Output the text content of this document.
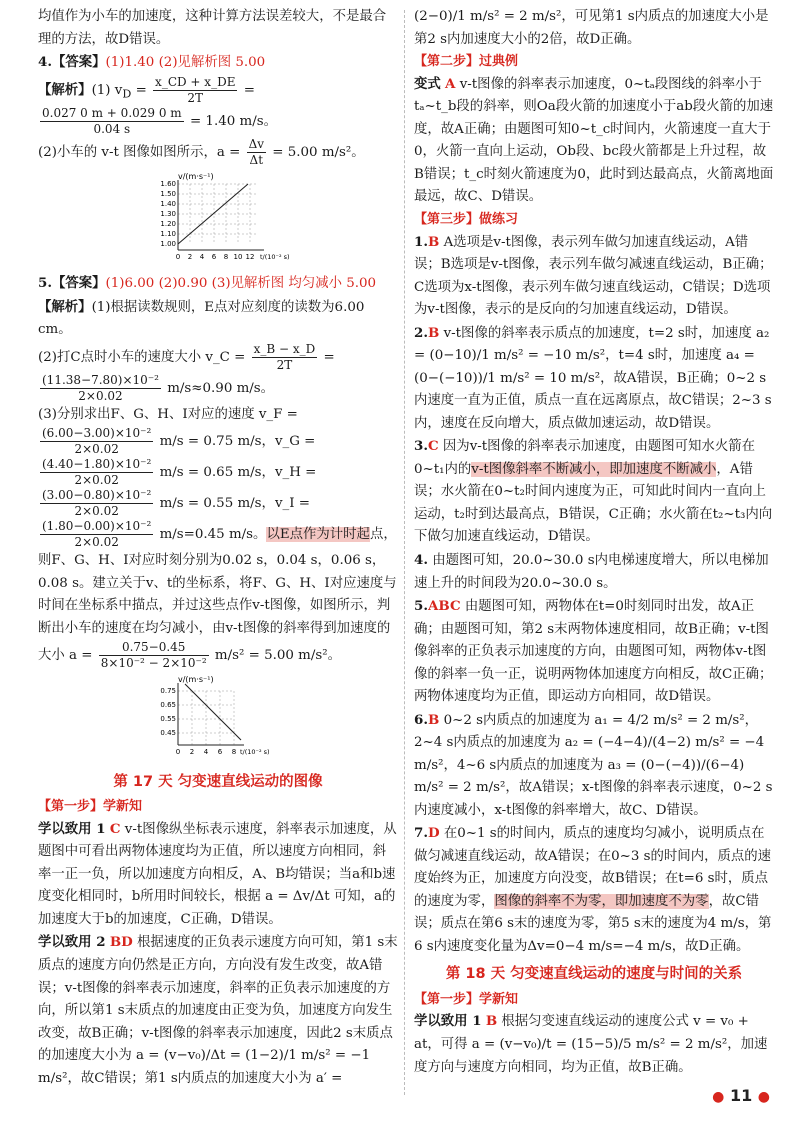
均值作为小车的加速度，这种计算方法误差较大，不是最合理的方法，故D错误。

4.【答案】(1)1.40 (2)见解析图 5.00

【解析】(1) $v_D = \frac{x\_CD + x\_DE}{2T}$ =
$\frac{0.027 0 m + 0.029 0 m}{0.04 s} = 1.40$ m/s。

(2)小车的 v-t 图像如图所示，$a = \frac{\Delta v}{\Delta t} = 5.00$ m/s²。

v/(m·s⁻¹)
1.60
1.50
1.40
1.30
1.20
1.10
1.00
0 2 4 6 8 10 12 t/(10⁻² s)

5.【答案】(1)6.00 (2)0.90 (3)见解析图 均匀减小 5.00

【解析】(1)根据读数规则，E点对应刻度的读数为6.00 cm。

(2)打C点时小车的速度大小 v_C = $\frac{x\_B - x\_D}{2T}$ =
$\frac{\text{(11.38−7.80)×10⁻²}}{2\times 0.02} m/s\approx 0.90$ m/s。

(3)分别求出F、G、H、I对应的速度 v_F =
$\frac{\text{(6.00−3.00)×10⁻²}}{2\times 0.02} m/s = 0.75$ m/s，v_G =
$\frac{\text{(4.40−1.80)×10⁻²}}{2\times 0.02} m/s = 0.65$ m/s，v_H =
$\frac{\text{(3.00−0.80)×10⁻²}}{2\times 0.02} m/s = 0.55$ m/s，v_I =
$\frac{\text{(1.80−0.00)×10⁻²}}{2\times 0.02} m/s=0.45$ m/s。以E点作为计时起点，则F、G、H、I对应时刻分别为0.02 s，0.04 s，0.06 s，0.08 s。建立关于v、t的坐标系，将F、G、H、I对应速度与时间在坐标系中描点，并过这些点作v-t图像，如图所示，判断出小车的速度在均匀减小，由v-t图像的斜率得到加速度的大小 $a = \frac{0.75-0.45}{\text{8×10⁻² − 2×10⁻²}} m/s^2 = 5.00$ m/s²。

v/(m·s⁻¹)
0.75
0.65
0.55
0.45
0 2 4 6 8 t/(10⁻² s)
第 17 天 匀变速直线运动的图像

【第一步】学新知

学以致用 1 C v-t图像纵坐标表示速度，斜率表示加速度，从题图中可看出两物体速度均为正值，所以速度方向相同，斜率一正一负，所以加速度方向相反，A、B均错误；当a和b速度变化相同时，b所用时间较长，根据 a = Δv/Δt 可知，a的加速度大于b的加速度，C正确，D错误。

学以致用 2 BD 根据速度的正负表示速度方向可知，第1 s末质点的速度方向仍然是正方向，方向没有发生改变，故A错误；v-t图像的斜率表示加速度，斜率的正负表示加速度的方向，所以第1 s末质点的加速度由正变为负，加速度方向发生改变，故B正确；v-t图像的斜率表示加速度，因此2 s末质点的加速度大小为 a = (v−v₀)/Δt = (1−2)/1 m/s² = −1 m/s²，故C错误；第1 s内质点的加速度大小为 a′ =

(2−0)/1 m/s² = 2 m/s²，可见第1 s内质点的加速度大小是第2 s内加速度大小的2倍，故D正确。

【第二步】过典例

变式 A v-t图像的斜率表示加速度，0~tₐ段图线的斜率小于tₐ~t_b段的斜率，则Oa段火箭的加速度小于ab段火箭的加速度，故A正确；由题图可知0~t_c时间内，火箭速度一直大于0，火箭一直向上运动，Ob段、bc段火箭都是上升过程，故B错误；t_c时刻火箭速度为0，此时到达最高点，火箭离地面最远，故C、D错误。

【第三步】做练习

1.B A选项是v-t图像，表示列车做匀加速直线运动，A错误；B选项是v-t图像，表示列车做匀减速直线运动，B正确；C选项为x-t图像，表示列车做匀速直线运动，C错误；D选项为v-t图像，表示的是反向的匀加速直线运动，D错误。

2.B v-t图像的斜率表示质点的加速度，t=2 s时，加速度 a₂ = (0−10)/1 m/s² = −10 m/s²，t=4 s时，加速度 a₄ = (0−(−10))/1 m/s² = 10 m/s²，故A错误，B正确；0~2 s内速度一直为正值，质点一直在远离原点，故C错误；2~3 s内，速度在反向增大，质点做加速运动，故D错误。

3.C 因为v-t图像的斜率表示加速度，由题图可知水火箭在0~t₁内的v-t图像斜率不断减小，即加速度不断减小，A错误；水火箭在0~t₂时间内速度为正，可知此时间内一直向上运动，t₂时到达最高点，B错误，C正确；水火箭在t₂~t₃内向下做匀加速直线运动，D错误。

4. 由题图可知，20.0~30.0 s内电梯速度增大，所以电梯加速上升的时间段为20.0~30.0 s。

5.ABC 由题图可知，两物体在t=0时刻同时出发，故A正确；由题图可知，第2 s末两物体速度相同，故B正确；v-t图像斜率的正负表示加速度的方向，由题图可知，两物体v-t图像的斜率一负一正，说明两物体加速度方向相反，故C正确；两物体速度均为正值，即运动方向相同，故D错误。

6.B 0~2 s内质点的加速度为 a₁ = 4/2 m/s² = 2 m/s²，2~4 s内质点的加速度为 a₂ = (−4−4)/(4−2) m/s² = −4 m/s²，4~6 s内质点的加速度为 a₃ = (0−(−4))/(6−4) m/s² = 2 m/s²，故A错误；x-t图像的斜率表示速度，0~2 s内速度减小，x-t图像的斜率增大，故C、D错误。

7.D 在0~1 s的时间内，质点的速度均匀减小，说明质点在做匀减速直线运动，故A错误；在0~3 s的时间内，质点的速度始终为正，加速度方向没变，故B错误；在t=6 s时，质点的速度为零，图像的斜率不为零，即加速度不为零，故C错误；质点在第6 s末的速度为零，第5 s末的速度为4 m/s，第6 s内速度变化量为Δv=0−4 m/s=−4 m/s，故D正确。

第 18 天 匀变速直线运动的速度与时间的关系

【第一步】学新知

学以致用 1 B 根据匀变速直线运动的速度公式 v = v₀ + at，可得 a = (v−v₀)/t = (15−5)/5 m/s² = 2 m/s²，加速度方向与速度方向相同，均为正值，故B正确。

● 11 ●
